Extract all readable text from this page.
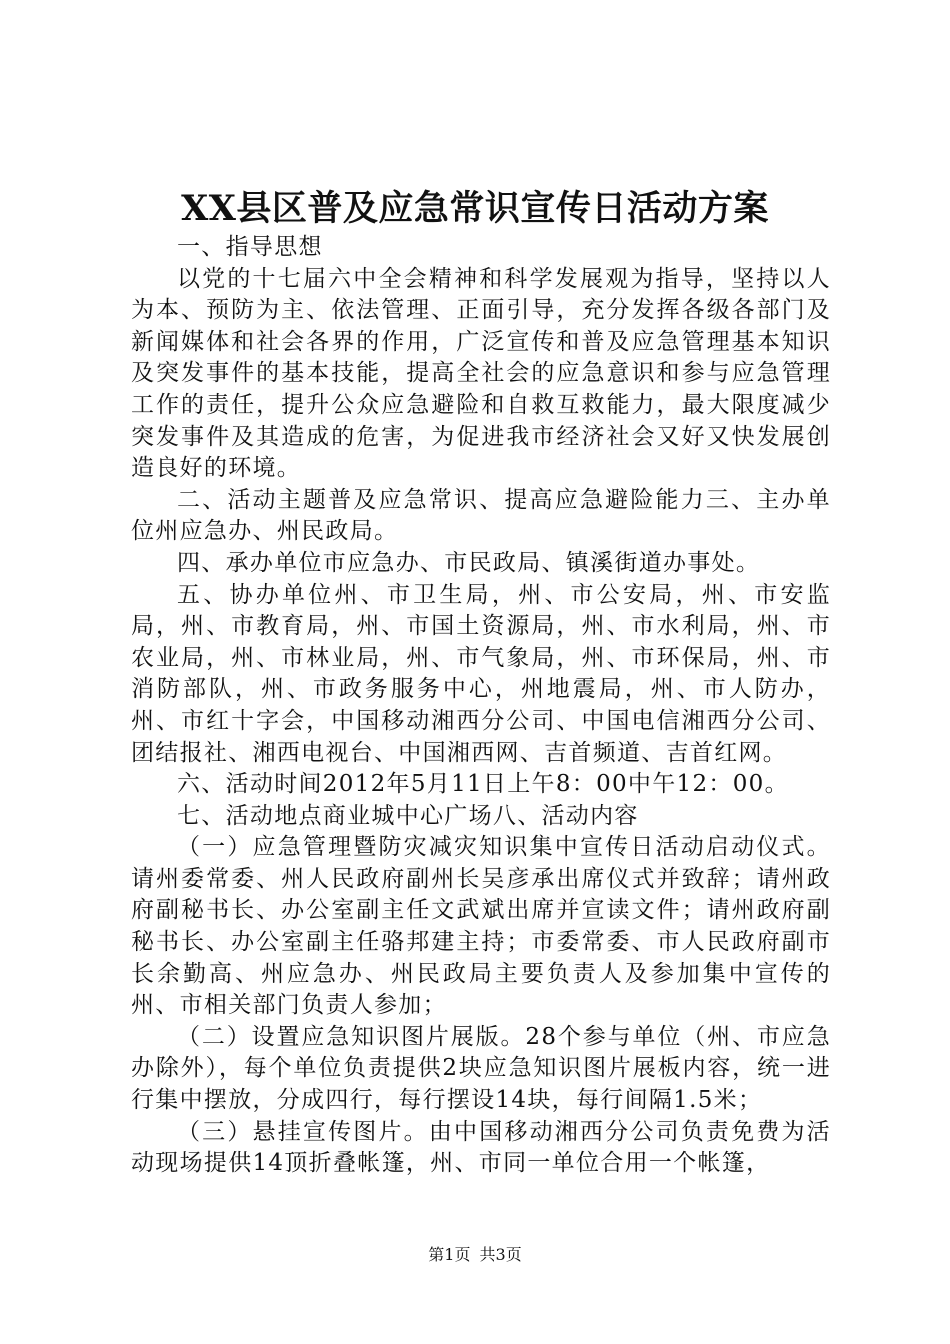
XX县区普及应急常识宣传日活动方案

一、指导思想

以党的十七届六中全会精神和科学发展观为指导，坚持以人为本、预防为主、依法管理、正面引导，充分发挥各级各部门及新闻媒体和社会各界的作用，广泛宣传和普及应急管理基本知识及突发事件的基本技能，提高全社会的应急意识和参与应急管理工作的责任，提升公众应急避险和自救互救能力，最大限度减少突发事件及其造成的危害，为促进我市经济社会又好又快发展创造良好的环境。

二、活动主题普及应急常识、提高应急避险能力三、主办单位州应急办、州民政局。

四、承办单位市应急办、市民政局、镇溪街道办事处。

五、协办单位州、市卫生局，州、市公安局，州、市安监局，州、市教育局，州、市国土资源局，州、市水利局，州、市农业局，州、市林业局，州、市气象局，州、市环保局，州、市消防部队，州、市政务服务中心，州地震局，州、市人防办，州、市红十字会，中国移动湘西分公司、中国电信湘西分公司、团结报社、湘西电视台、中国湘西网、吉首频道、吉首红网。

六、活动时间2012年5月11日上午8：00中午12：00。

七、活动地点商业城中心广场八、活动内容

（一）应急管理暨防灾减灾知识集中宣传日活动启动仪式。请州委常委、州人民政府副州长吴彦承出席仪式并致辞；请州政府副秘书长、办公室副主任文武斌出席并宣读文件；请州政府副秘书长、办公室副主任骆邦建主持；市委常委、市人民政府副市长余勤高、州应急办、州民政局主要负责人及参加集中宣传的州、市相关部门负责人参加；

（二）设置应急知识图片展版。28个参与单位（州、市应急办除外），每个单位负责提供2块应急知识图片展板内容，统一进行集中摆放，分成四行，每行摆设14块，每行间隔1.5米；

（三）悬挂宣传图片。由中国移动湘西分公司负责免费为活动现场提供14顶折叠帐篷，州、市同一单位合用一个帐篷，

第1页 共3页
